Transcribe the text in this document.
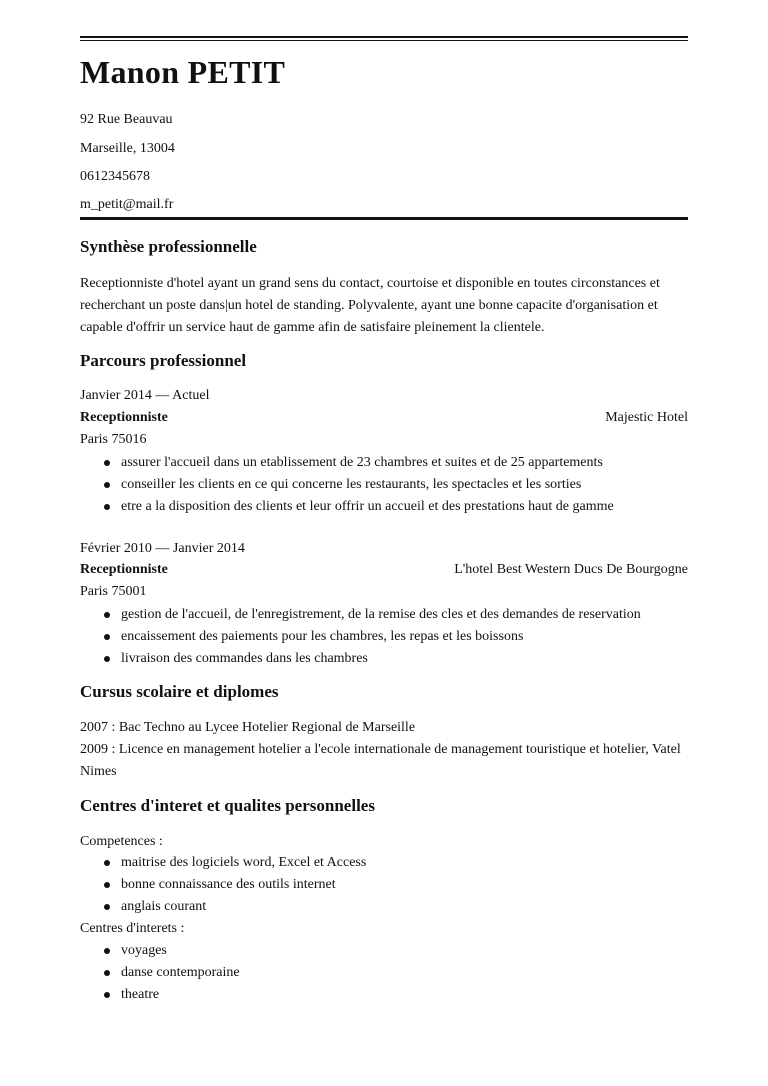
Manon PETIT
92 Rue Beauvau
Marseille, 13004
0612345678
m_petit@mail.fr
Synthèse professionnelle
Receptionniste d'hotel ayant un grand sens du contact, courtoise et disponible en toutes circonstances et
recherchant un poste dans|un hotel de standing. Polyvalente, ayant une bonne capacite d'organisation et
capable d'offrir un service haut de gamme afin de satisfaire pleinement la clientele.
Parcours professionnel
Janvier 2014 — Actuel
Receptionniste	Majestic Hotel
Paris 75016
assurer l'accueil dans un etablissement de 23 chambres et suites et de 25 appartements
conseiller les clients en ce qui concerne les restaurants, les spectacles et les sorties
etre a la disposition des clients et leur offrir un accueil et des prestations haut de gamme
Février 2010 — Janvier 2014
Receptionniste	L'hotel Best Western Ducs De Bourgogne
Paris 75001
gestion de l'accueil, de l'enregistrement, de la remise des cles et des demandes de reservation
encaissement des paiements pour les chambres, les repas et les boissons
livraison des commandes dans les chambres
Cursus scolaire et diplomes
2007 : Bac Techno au Lycee Hotelier Regional de Marseille
2009 : Licence en management hotelier a l'ecole internationale de management touristique et hotelier, Vatel
Nimes
Centres d'interet et qualites personnelles
Competences :
maitrise des logiciels word, Excel et Access
bonne connaissance des outils internet
anglais courant
Centres d'interets :
voyages
danse contemporaine
theatre
